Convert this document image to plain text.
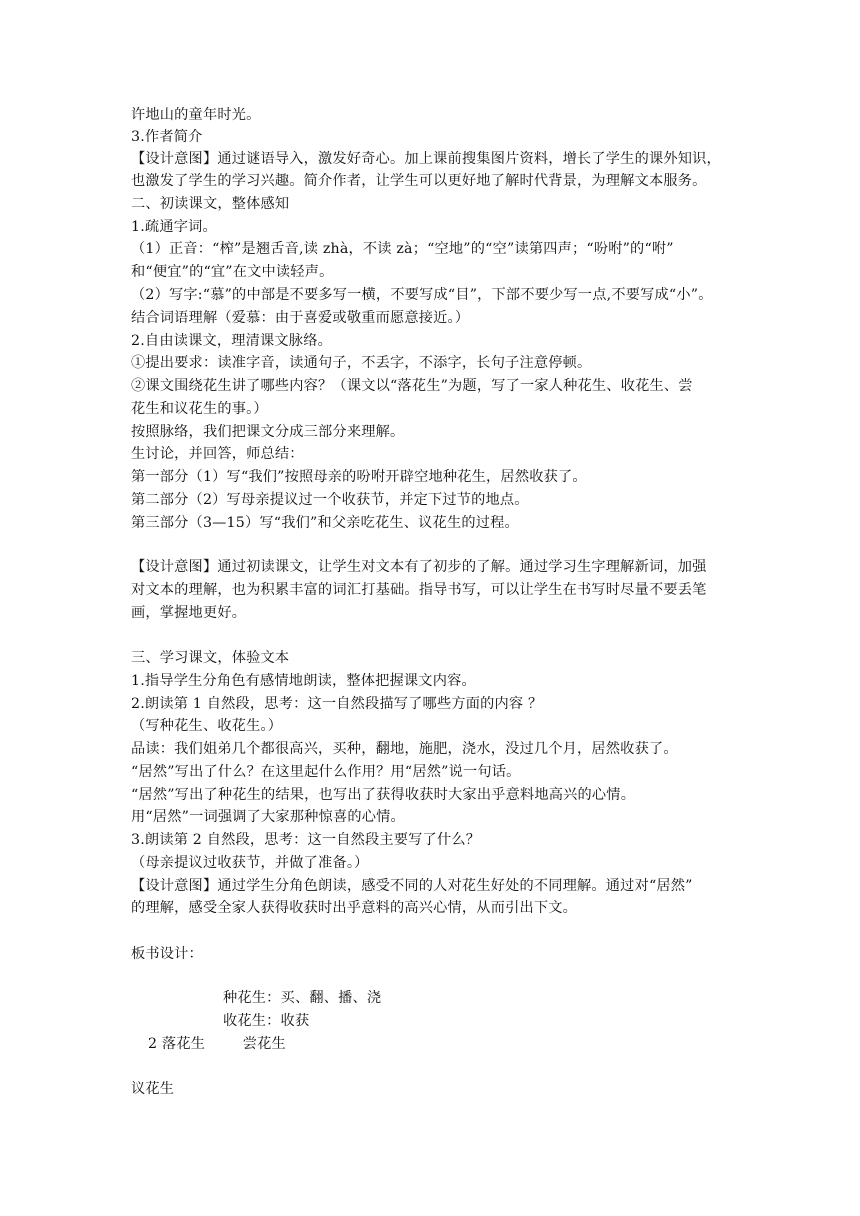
许地山的童年时光。
3.作者简介
【设计意图】通过谜语导入，激发好奇心。加上课前搜集图片资料，增长了学生的课外知识，
也激发了学生的学习兴趣。简介作者，让学生可以更好地了解时代背景，为理解文本服务。
二、初读课文，整体感知
1.疏通字词。
（1）正音：“榨”是翘舌音,读 zhà，不读 zà；“空地”的“空”读第四声；“吩咐”的“咐”
和“便宜”的“宜”在文中读轻声。
（2）写字:“慕”的中部是不要多写一横，不要写成“目”，下部不要少写一点,不要写成“小”。
结合词语理解（爱慕：由于喜爱或敬重而愿意接近。）
2.自由读课文，理清课文脉络。
①提出要求：读准字音，读通句子，不丢字，不添字，长句子注意停顿。
②课文围绕花生讲了哪些内容？（课文以“落花生”为题，写了一家人种花生、收花生、尝
花生和议花生的事。）
按照脉络，我们把课文分成三部分来理解。
生讨论，并回答，师总结：
第一部分（1）写“我们”按照母亲的吩咐开辟空地种花生，居然收获了。
第二部分（2）写母亲提议过一个收获节，并定下过节的地点。
第三部分（3—15）写“我们”和父亲吃花生、议花生的过程。
【设计意图】通过初读课文，让学生对文本有了初步的了解。通过学习生字理解新词，加强
对文本的理解，也为积累丰富的词汇打基础。指导书写，可以让学生在书写时尽量不要丢笔
画，掌握地更好。
三、学习课文，体验文本
1.指导学生分角色有感情地朗读，整体把握课文内容。
2.朗读第 1 自然段，思考：这一自然段描写了哪些方面的内容 ？
（写种花生、收花生。）
品读：我们姐弟几个都很高兴，买种，翻地，施肥，浇水，没过几个月，居然收获了。
“居然”写出了什么？在这里起什么作用？用“居然”说一句话。
“居然”写出了种花生的结果，也写出了获得收获时大家出乎意料地高兴的心情。
用“居然”一词强调了大家那种惊喜的心情。
3.朗读第 2 自然段，思考：这一自然段主要写了什么？
（母亲提议过收获节，并做了准备。）
【设计意图】通过学生分角色朗读，感受不同的人对花生好处的不同理解。通过对“居然”
的理解，感受全家人获得收获时出乎意料的高兴心情，从而引出下文。
板书设计：
种花生：买、翻、播、浇
收花生：收获
2 落花生        尝花生
议花生
